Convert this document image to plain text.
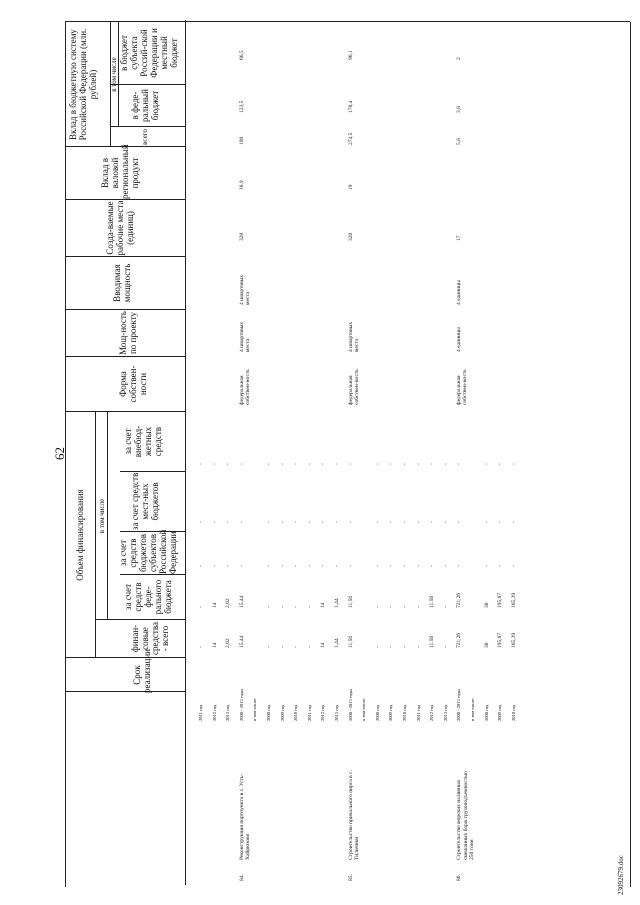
62
Срок реализации
Объем финансирования в том числе
финан-совые средства - всего
за счет средств феде-рального бюджета
за счет средств бюджетов субъектов Российской Федерации
за счет средств мест-ных бюджетов
за счет внебюд-жетных средств
Форма собствен-ности
Мощ-ность по проекту
Вводимая мощность
Созда-ваемые рабочие места (единиц)
Вклад в валовой региональный продукт
Вклад в бюджетную систему Российской Федерации (млн. рублей)
всего
в том числе
в феде-ральный бюджет
в бюджет субъекта Россий-ской Федерации и местный бюджет
23092679.doc
2011 год
-
-
-
-
-
2012 год
14
14
-
-
-
2013 год
2,02
2,02
-
-
-
84.
Реконструкция портпункта в с. Усть-Хайрюзово
2008 - 2013 годы
15,44
15,44
-
-
-
320
18,9
190
123,5
66,5
федеральная собствен-ность
4 швартовых места
4 швартовых места
в том числе: 2008 год
-
-
-
-
-
2009 год
-
-
-
-
-
2010 год
-
-
-
-
-
2011 год
-
-
-
-
-
2012 год
14
14
-
-
-
2013 год
1,44
1,44
-
-
-
85.
Строительство причального пирса в с. Тиличики
2008 - 2013 годы
11,56
11,56
-
-
-
320
19
274,5
178,4
96,1
федеральная собствен-ность
4 швартовых места
в том числе: 2008 год
-
-
-
-
-
2009 год
-
-
-
-
-
2010 год
-
-
-
-
-
2011 год
-
-
-
-
-
2012 год
11,56
11,56
-
-
-
2013 год
-
-
-
-
-
86.
Строительство морских наливных смешанных барж грузоподъемностью 250 тонн
2008 - 2013 годы
721,26
721,26
-
-
-
17
5,8
3,8
2
федеральная собствен-ность
4 единицы
4 единицы
в том числе: 2008 год
30
30
-
-
-
2009 год
195,07
195,07
-
-
-
2010 год
165,39
165,39
-
-
-
